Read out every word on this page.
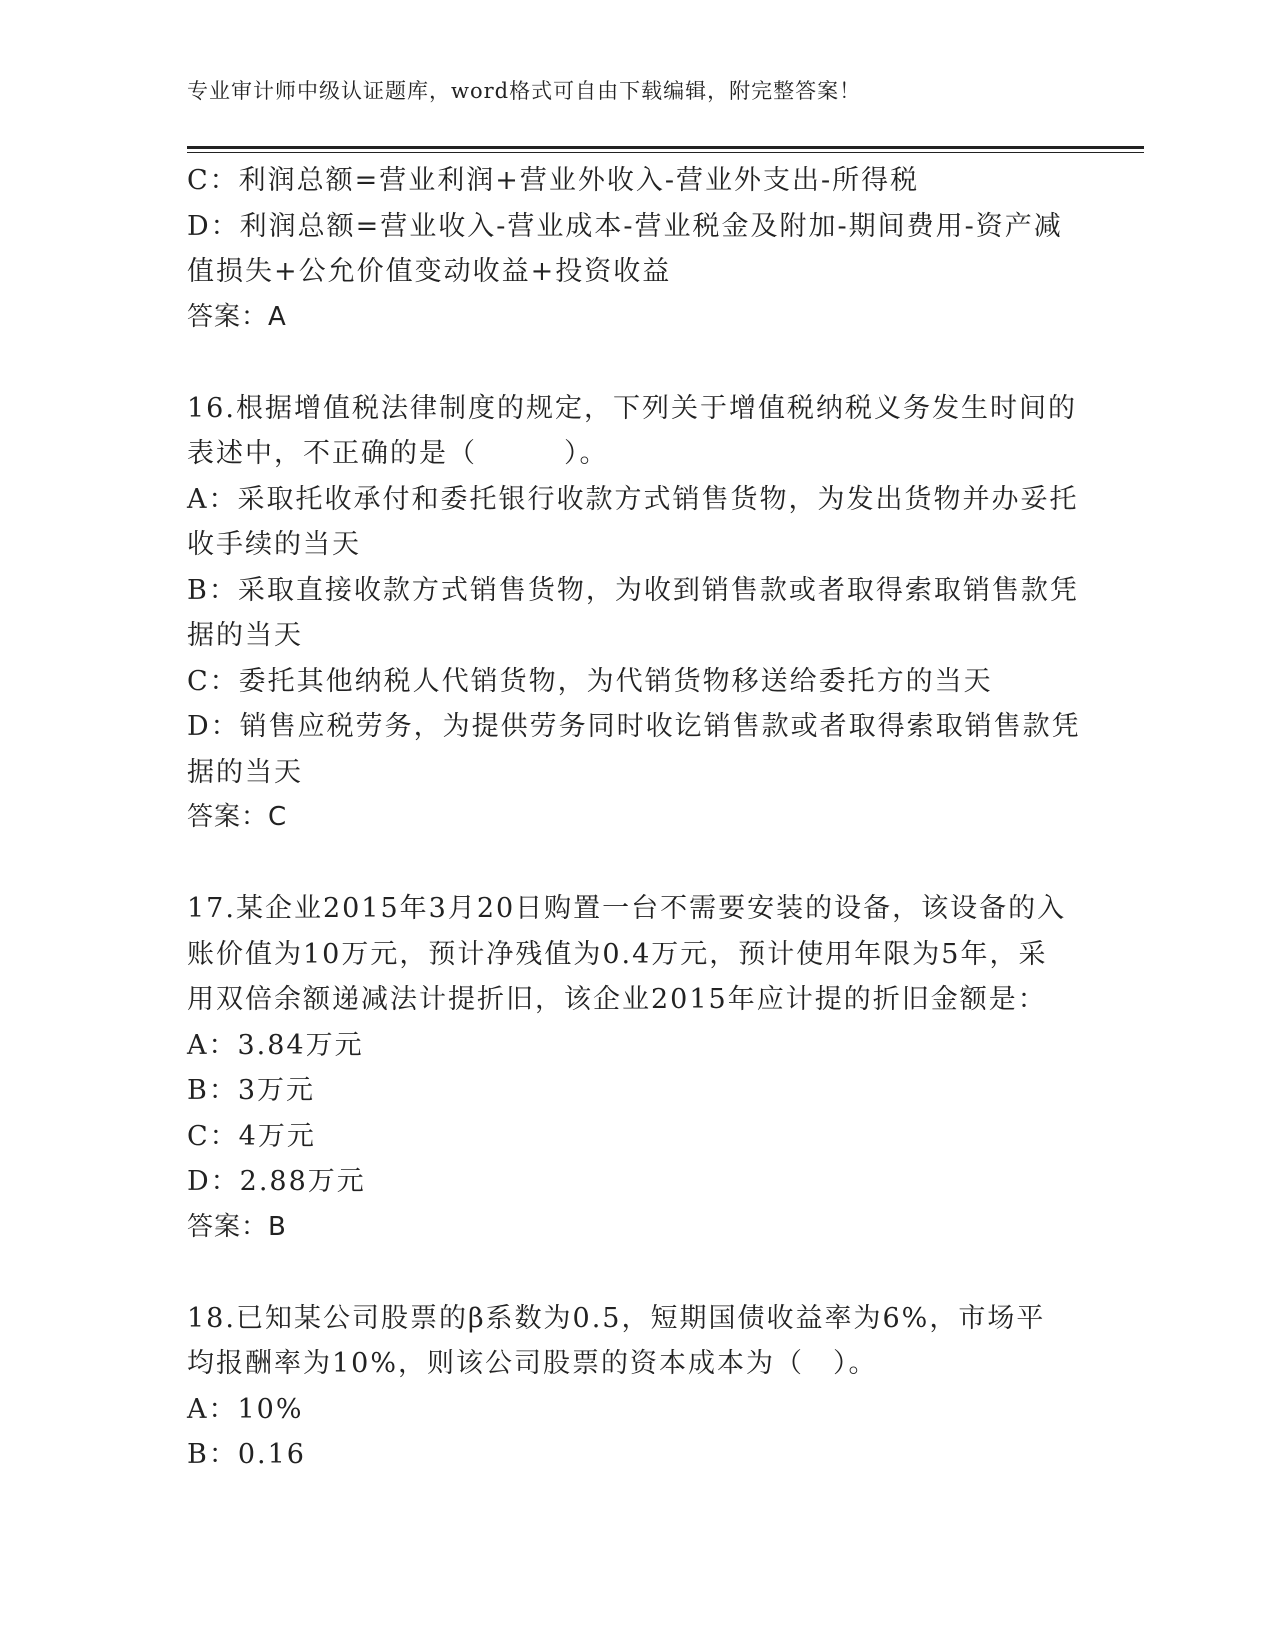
专业审计师中级认证题库，word格式可自由下载编辑，附完整答案！
C：利润总额=营业利润+营业外收入-营业外支出-所得税
D：利润总额=营业收入-营业成本-营业税金及附加-期间费用-资产减
值损失+公允价值变动收益+投资收益
答案：A
16.根据增值税法律制度的规定，下列关于增值税纳税义务发生时间的
表述中，不正确的是（　　　）。
A：采取托收承付和委托银行收款方式销售货物，为发出货物并办妥托
收手续的当天
B：采取直接收款方式销售货物，为收到销售款或者取得索取销售款凭
据的当天
C：委托其他纳税人代销货物，为代销货物移送给委托方的当天
D：销售应税劳务，为提供劳务同时收讫销售款或者取得索取销售款凭
据的当天
答案：C
17.某企业2015年3月20日购置一台不需要安装的设备，该设备的入
账价值为10万元，预计净残值为0.4万元，预计使用年限为5年，采
用双倍余额递减法计提折旧，该企业2015年应计提的折旧金额是：
A：3.84万元
B：3万元
C：4万元
D：2.88万元
答案：B
18.已知某公司股票的β系数为0.5，短期国债收益率为6%，市场平
均报酬率为10%，则该公司股票的资本成本为（　）。
A：10%
B：0.16
